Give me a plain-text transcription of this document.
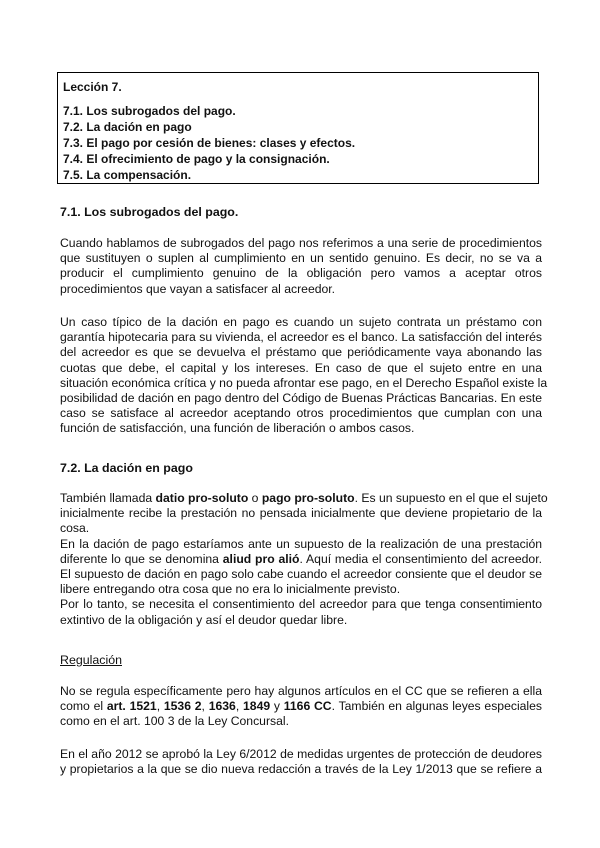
Lección 7.
7.1. Los subrogados del pago.
7.2. La dación en pago
7.3. El pago por cesión de bienes: clases y efectos.
7.4. El ofrecimiento de pago y la consignación.
7.5. La compensación.
7.1. Los subrogados del pago.
Cuando hablamos de subrogados del pago nos referimos a una serie de procedimientos
que sustituyen o suplen al cumplimiento en un sentido genuino. Es decir, no se va a
producir el cumplimiento genuino de la obligación pero vamos a aceptar otros
procedimientos que vayan a satisfacer al acreedor.
Un caso típico de la dación en pago es cuando un sujeto contrata un préstamo con
garantía hipotecaria para su vivienda, el acreedor es el banco. La satisfacción del interés
del acreedor es que se devuelva el préstamo que periódicamente vaya abonando las
cuotas que debe, el capital y los intereses. En caso de que el sujeto entre en una
situación económica crítica y no pueda afrontar ese pago, en el Derecho Español existe la
posibilidad de dación en pago dentro del Código de Buenas Prácticas Bancarias. En este
caso se satisface al acreedor aceptando otros procedimientos que cumplan con una
función de satisfacción, una función de liberación o ambos casos.
7.2. La dación en pago
También llamada datio pro-soluto o pago pro-soluto. Es un supuesto en el que el sujeto
inicialmente recibe la prestación no pensada inicialmente que deviene propietario de la
cosa.
En la dación de pago estaríamos ante un supuesto de la realización de una prestación
diferente lo que se denomina aliud pro alió. Aquí media el consentimiento del acreedor.
El supuesto de dación en pago solo cabe cuando el acreedor consiente que el deudor se
libere entregando otra cosa que no era lo inicialmente previsto.
Por lo tanto, se necesita el consentimiento del acreedor para que tenga consentimiento
extintivo de la obligación y así el deudor quedar libre.
Regulación
No se regula específicamente pero hay algunos artículos en el CC que se refieren a ella
como el art. 1521, 1536 2, 1636, 1849 y 1166 CC. También en algunas leyes especiales
como en el art. 100 3 de la Ley Concursal.
En el año 2012 se aprobó la Ley 6/2012 de medidas urgentes de protección de deudores
y propietarios a la que se dio nueva redacción a través de la Ley 1/2013 que se refiere a
